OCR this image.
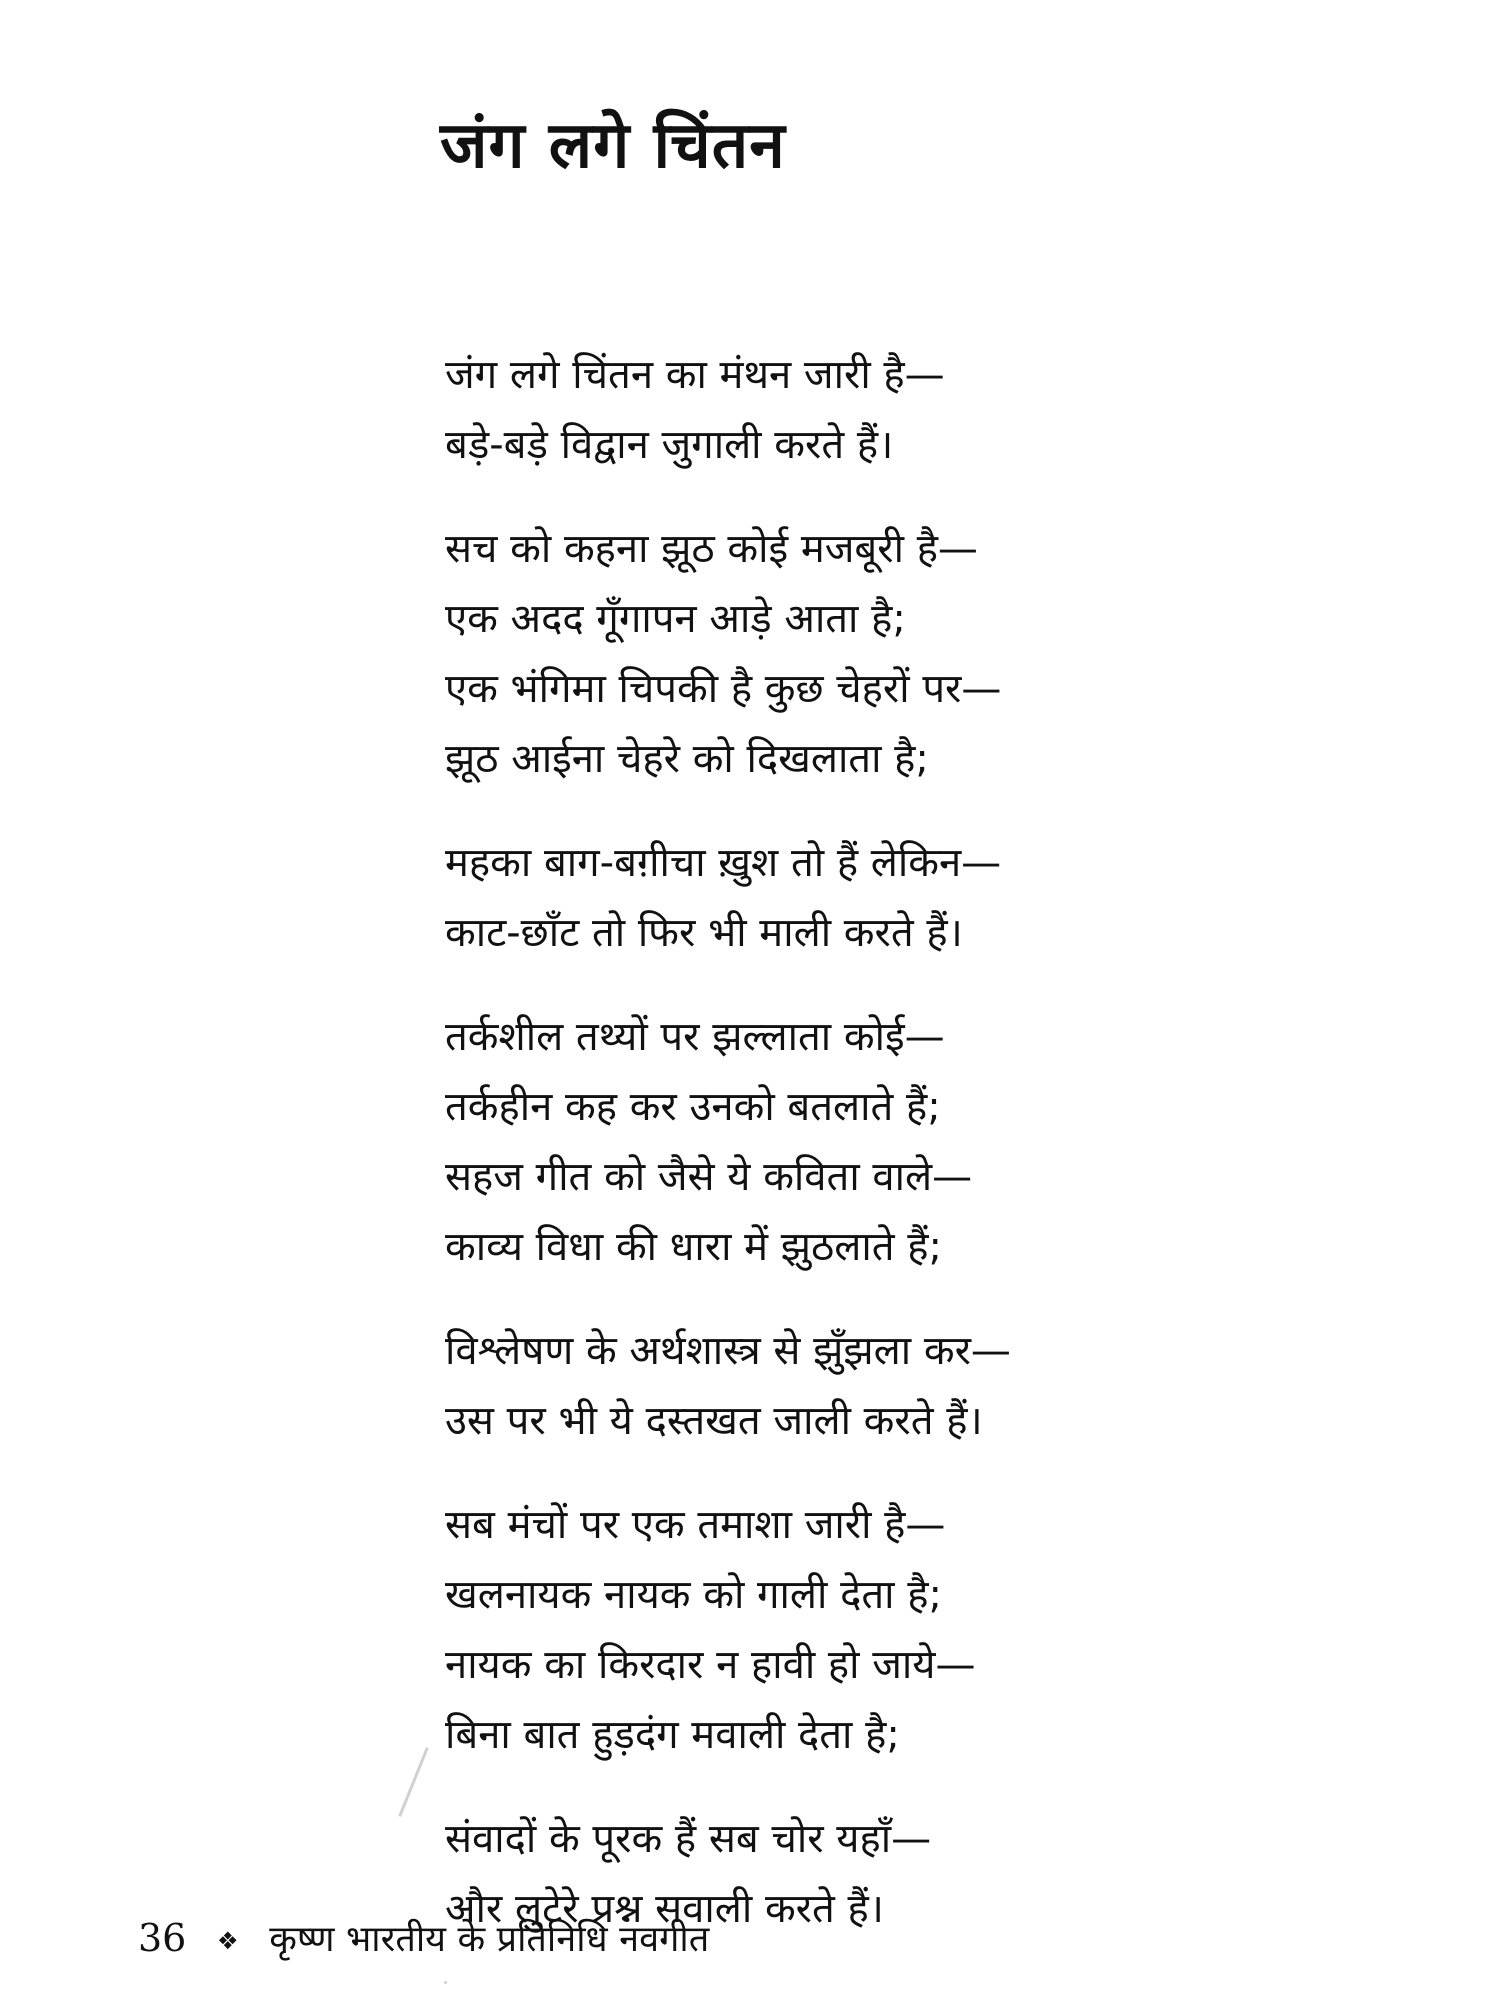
जंग लगे चिंतन
जंग लगे चिंतन का मंथन जारी है—
बड़े-बड़े विद्वान जुगाली करते हैं।
सच को कहना झूठ कोई मजबूरी है—
एक अदद गूँगापन आड़े आता है;
एक भंगिमा चिपकी है कुछ चेहरों पर—
झूठ आईना चेहरे को दिखलाता है;
महका बाग-बग़ीचा ख़ुश तो हैं लेकिन—
काट-छाँट तो फिर भी माली करते हैं।
तर्कशील तथ्यों पर झल्लाता कोई—
तर्कहीन कह कर उनको बतलाते हैं;
सहज गीत को जैसे ये कविता वाले—
काव्य विधा की धारा में झुठलाते हैं;
विश्लेषण के अर्थशास्त्र से झुँझला कर—
उस पर भी ये दस्तखत जाली करते हैं।
सब मंचों पर एक तमाशा जारी है—
खलनायक नायक को गाली देता है;
नायक का किरदार न हावी हो जाये—
बिना बात हुड़दंग मवाली देता है;
संवादों के पूरक हैं सब चोर यहाँ—
और लुटेरे प्रश्न सवाली करते हैं।
36 ❖ कृष्ण भारतीय के प्रतिनिधि नवगीत
